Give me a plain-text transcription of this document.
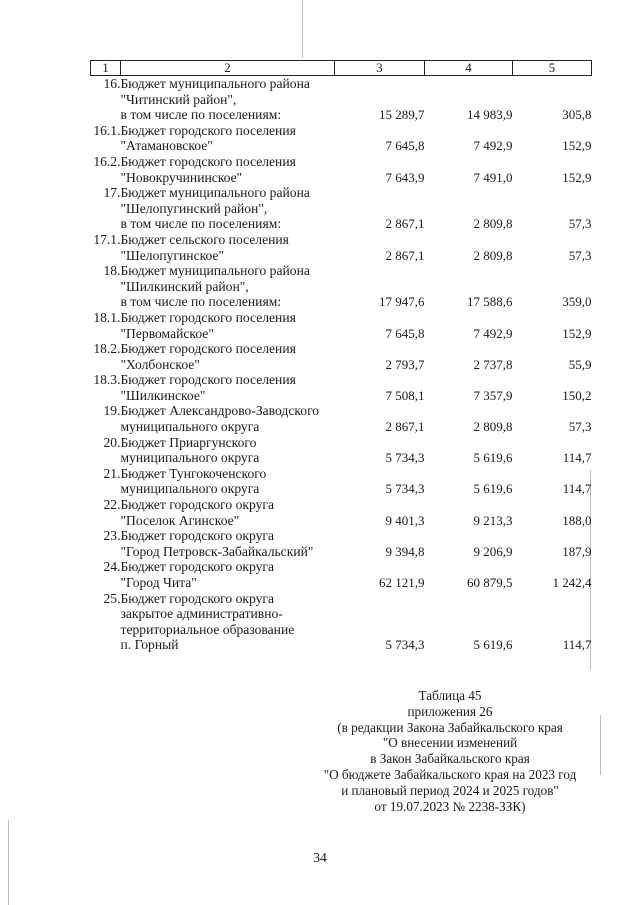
1	2	3	4	5
16.	Бюджет муниципального района
"Читинский район",
в том числе по поселениям:	15 289,7	14 983,9	305,8
16.1.	Бюджет городского поселения
"Атамановское"	7 645,8	7 492,9	152,9
16.2.	Бюджет городского поселения
"Новокручининское"	7 643,9	7 491,0	152,9
17.	Бюджет муниципального района
"Шелопугинский район",
в том числе по поселениям:	2 867,1	2 809,8	57,3
17.1.	Бюджет сельского поселения
"Шелопугинское"	2 867,1	2 809,8	57,3
18.	Бюджет муниципального района
"Шилкинский район",
в том числе по поселениям:	17 947,6	17 588,6	359,0
18.1.	Бюджет городского поселения
"Первомайское"	7 645,8	7 492,9	152,9
18.2.	Бюджет городского поселения
"Холбонское"	2 793,7	2 737,8	55,9
18.3.	Бюджет городского поселения
"Шилкинское"	7 508,1	7 357,9	150,2
19.	Бюджет Александрово-Заводского
муниципального округа	2 867,1	2 809,8	57,3
20.	Бюджет Приаргунского
муниципального округа	5 734,3	5 619,6	114,7
21.	Бюджет Тунгокоченского
муниципального округа	5 734,3	5 619,6	114,7
22.	Бюджет городского округа
"Поселок Агинское"	9 401,3	9 213,3	188,0
23.	Бюджет городского округа
"Город Петровск-Забайкальский"	9 394,8	9 206,9	187,9
24.	Бюджет городского округа
"Город Чита"	62 121,9	60 879,5	1 242,4
25.	Бюджет городского округа
закрытое административно-
территориальное образование
п. Горный	5 734,3	5 619,6	114,7
Таблица 45
приложения 26
(в редакции Закона Забайкальского края
"О внесении изменений
в Закон Забайкальского края
"О бюджете Забайкальского края на 2023 год
и плановый период 2024 и 2025 годов"
от 19.07.2023 № 2238-ЗЗК)
34
